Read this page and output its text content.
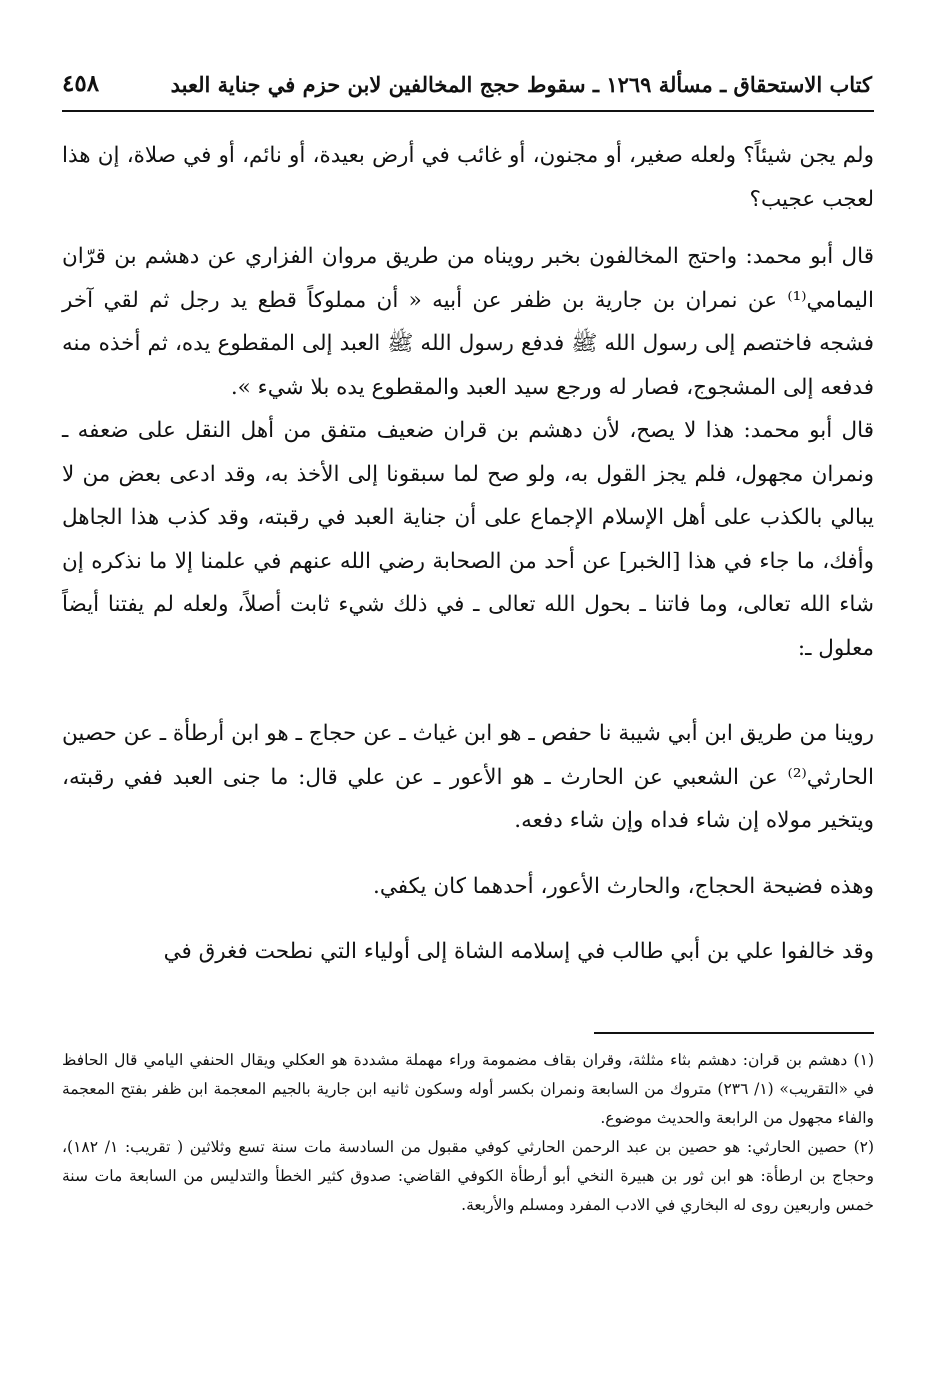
كتاب الاستحقاق ـ مسألة ١٢٦٩ ـ سقوط حجج المخالفين لابن حزم في جناية العبد
٤٥٨

ولم يجن شيئاً؟ ولعله صغير، أو مجنون، أو غائب في أرض بعيدة، أو نائم، أو في صلاة، إن هذا لعجب عجيب؟

قال أبو محمد: واحتج المخالفون بخبر رويناه من طريق مروان الفزاري عن دهشم بن قرّان اليمامي⁽¹⁾ عن نمران بن جارية بن ظفر عن أبيه « أن مملوكاً قطع يد رجل ثم لقي آخر فشجه فاختصم إلى رسول الله ﷺ فدفع رسول الله ﷺ العبد إلى المقطوع يده، ثم أخذه منه فدفعه إلى المشجوج، فصار له ورجع سيد العبد والمقطوع يده بلا شيء ».

قال أبو محمد: هذا لا يصح، لأن دهشم بن قران ضعيف متفق من أهل النقل على ضعفه ـ ونمران مجهول، فلم يجز القول به، ولو صح لما سبقونا إلى الأخذ به، وقد ادعى بعض من لا يبالي بالكذب على أهل الإسلام الإجماع على أن جناية العبد في رقبته، وقد كذب هذا الجاهل وأفك، ما جاء في هذا [الخبر] عن أحد من الصحابة رضي الله عنهم في علمنا إلا ما نذكره إن شاء الله تعالى، وما فاتنا ـ بحول الله تعالى ـ في ذلك شيء ثابت أصلاً، ولعله لم يفتنا أيضاً معلول ـ:

روينا من طريق ابن أبي شيبة نا حفص ـ هو ابن غياث ـ عن حجاج ـ هو ابن أرطأة ـ عن حصين الحارثي⁽²⁾ عن الشعبي عن الحارث ـ هو الأعور ـ عن علي قال: ما جنى العبد ففي رقبته، ويتخير مولاه إن شاء فداه وإن شاء دفعه.

وهذه فضيحة الحجاج، والحارث الأعور، أحدهما كان يكفي.

وقد خالفوا علي بن أبي طالب في إسلامه الشاة إلى أولياء التي نطحت فغرق في

(١) دهشم بن قران: دهشم بثاء مثلثة، وقران بقاف مضمومة وراء مهملة مشددة هو العكلي ويقال الحنفي اليامي قال الحافظ في «التقريب» (١/ ٢٣٦) متروك من السابعة ونمران بكسر أوله وسكون ثانيه ابن جارية بالجيم المعجمة ابن ظفر بفتح المعجمة والفاء مجهول من الرابعة والحديث موضوع.

(٢) حصين الحارثي: هو حصين بن عبد الرحمن الحارثي كوفي مقبول من السادسة مات سنة تسع وثلاثين ( تقريب: ١/ ١٨٢)، وحجاج بن ارطأة: هو ابن ثور بن هبيرة النخي أبو أرطأة الكوفي القاضي: صدوق كثير الخطأ والتدليس من السابعة مات سنة خمس واربعين روى له البخاري في الادب المفرد ومسلم والأربعة.
